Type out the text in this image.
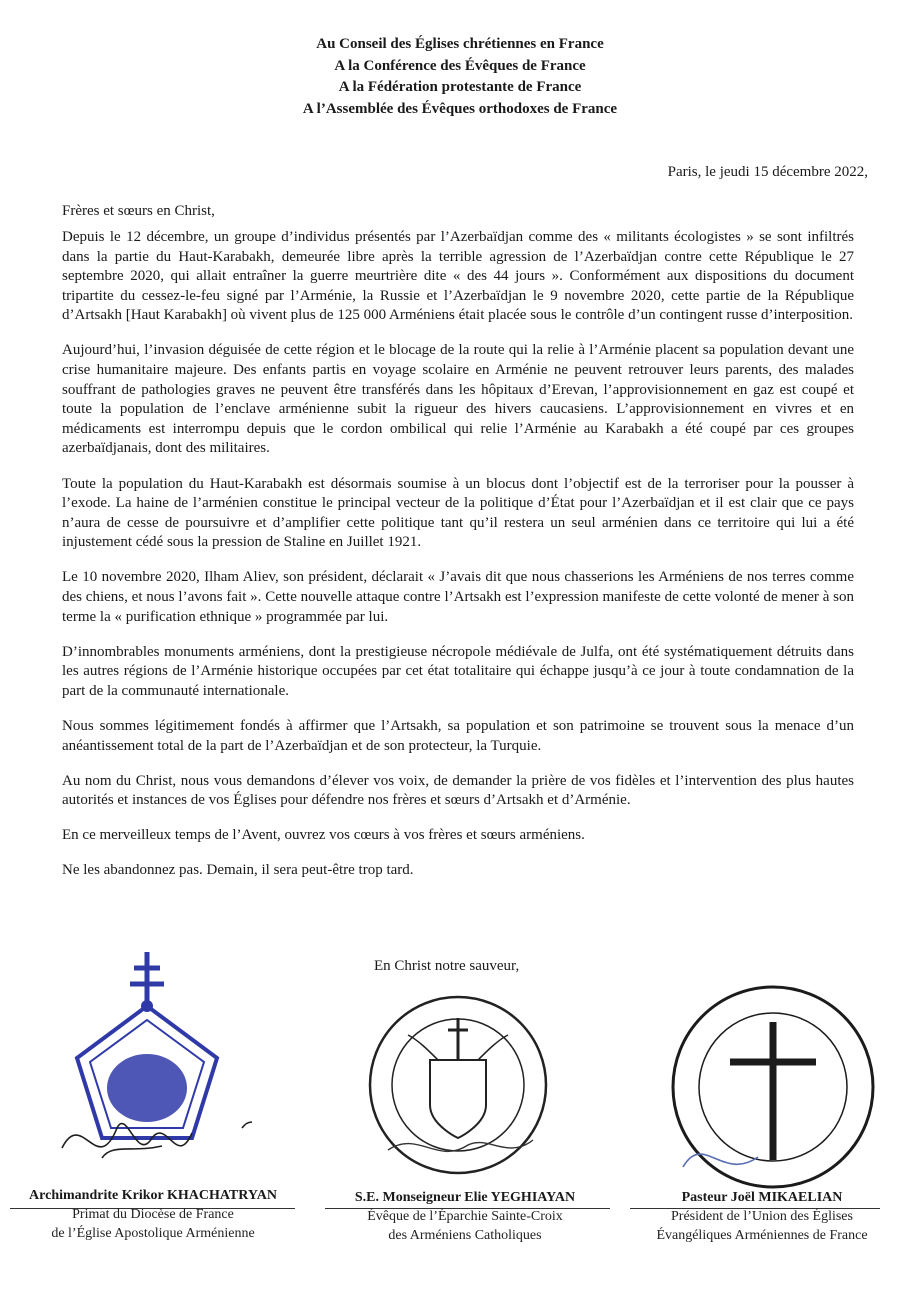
Au Conseil des Églises chrétiennes en France
A la Conférence des Évêques de France
A la Fédération protestante de France
A l’Assemblée des Évêques orthodoxes de France
Paris, le jeudi 15 décembre 2022,
Frères et sœurs en Christ,

Depuis le 12 décembre, un groupe d’individus présentés par l’Azerbaïdjan comme des « militants écologistes » se sont infiltrés dans la partie du Haut-Karabakh, demeurée libre après la terrible agression de l’Azerbaïdjan contre cette République le 27 septembre 2020, qui allait entraîner la guerre meurtrière dite « des 44 jours ». Conformément aux dispositions du document tripartite du cessez-le-feu signé par l’Arménie, la Russie et l’Azerbaïdjan le 9 novembre 2020, cette partie de la République d’Artsakh [Haut Karabakh] où vivent plus de 125 000 Arméniens était placée sous le contrôle d’un contingent russe d’interposition.

Aujourd’hui, l’invasion déguisée de cette région et le blocage de la route qui la relie à l’Arménie placent sa population devant une crise humanitaire majeure. Des enfants partis en voyage scolaire en Arménie ne peuvent retrouver leurs parents, des malades souffrant de pathologies graves ne peuvent être transférés dans les hôpitaux d’Erevan, l’approvisionnement en gaz est coupé et toute la population de l’enclave arménienne subit la rigueur des hivers caucasiens. L’approvisionnement en vivres et en médicaments est interrompu depuis que le cordon ombilical qui relie l’Arménie au Karabakh a été coupé par ces groupes azerbaïdjanais, dont des militaires.

Toute la population du Haut-Karabakh est désormais soumise à un blocus dont l’objectif est de la terroriser pour la pousser à l’exode. La haine de l’arménien constitue le principal vecteur de la politique d’État pour l’Azerbaïdjan et il est clair que ce pays n’aura de cesse de poursuivre et d’amplifier cette politique tant qu’il restera un seul arménien dans ce territoire qui lui a été injustement cédé sous la pression de Staline en Juillet 1921.

Le 10 novembre 2020, Ilham Aliev, son président, déclarait « J’avais dit que nous chasserions les Arméniens de nos terres comme des chiens, et nous l’avons fait ». Cette nouvelle attaque contre l’Artsakh est l’expression manifeste de cette volonté de mener à son terme la « purification ethnique » programmée par lui.

D’innombrables monuments arméniens, dont la prestigieuse nécropole médiévale de Julfa, ont été systématiquement détruits dans les autres régions de l’Arménie historique occupées par cet état totalitaire qui échappe jusqu’à ce jour à toute condamnation de la part de la communauté internationale.

Nous sommes légitimement fondés à affirmer que l’Artsakh, sa population et son patrimoine se trouvent sous la menace d’un anéantissement total de la part de l’Azerbaïdjan et de son protecteur, la Turquie.

Au nom du Christ, nous vous demandons d’élever vos voix, de demander la prière de vos fidèles et l’intervention des plus hautes autorités et instances de vos Églises pour défendre nos frères et sœurs d’Artsakh et d’Arménie.

En ce merveilleux temps de l’Avent, ouvrez vos cœurs à vos frères et sœurs arméniens.

Ne les abandonnez pas. Demain, il sera peut-être trop tard.

En Christ notre sauveur,
Archimandrite Krikor KHACHATRYAN
Primat du Diocèse de France
de l’Église Apostolique Arménienne
S.E. Monseigneur Elie YEGHIAYAN
Évêque de l’Éparchie Sainte-Croix
des Arméniens Catholiques
Pasteur Joël MIKAELIAN
Président de l’Union des Églises
Évangéliques Arméniennes de France
